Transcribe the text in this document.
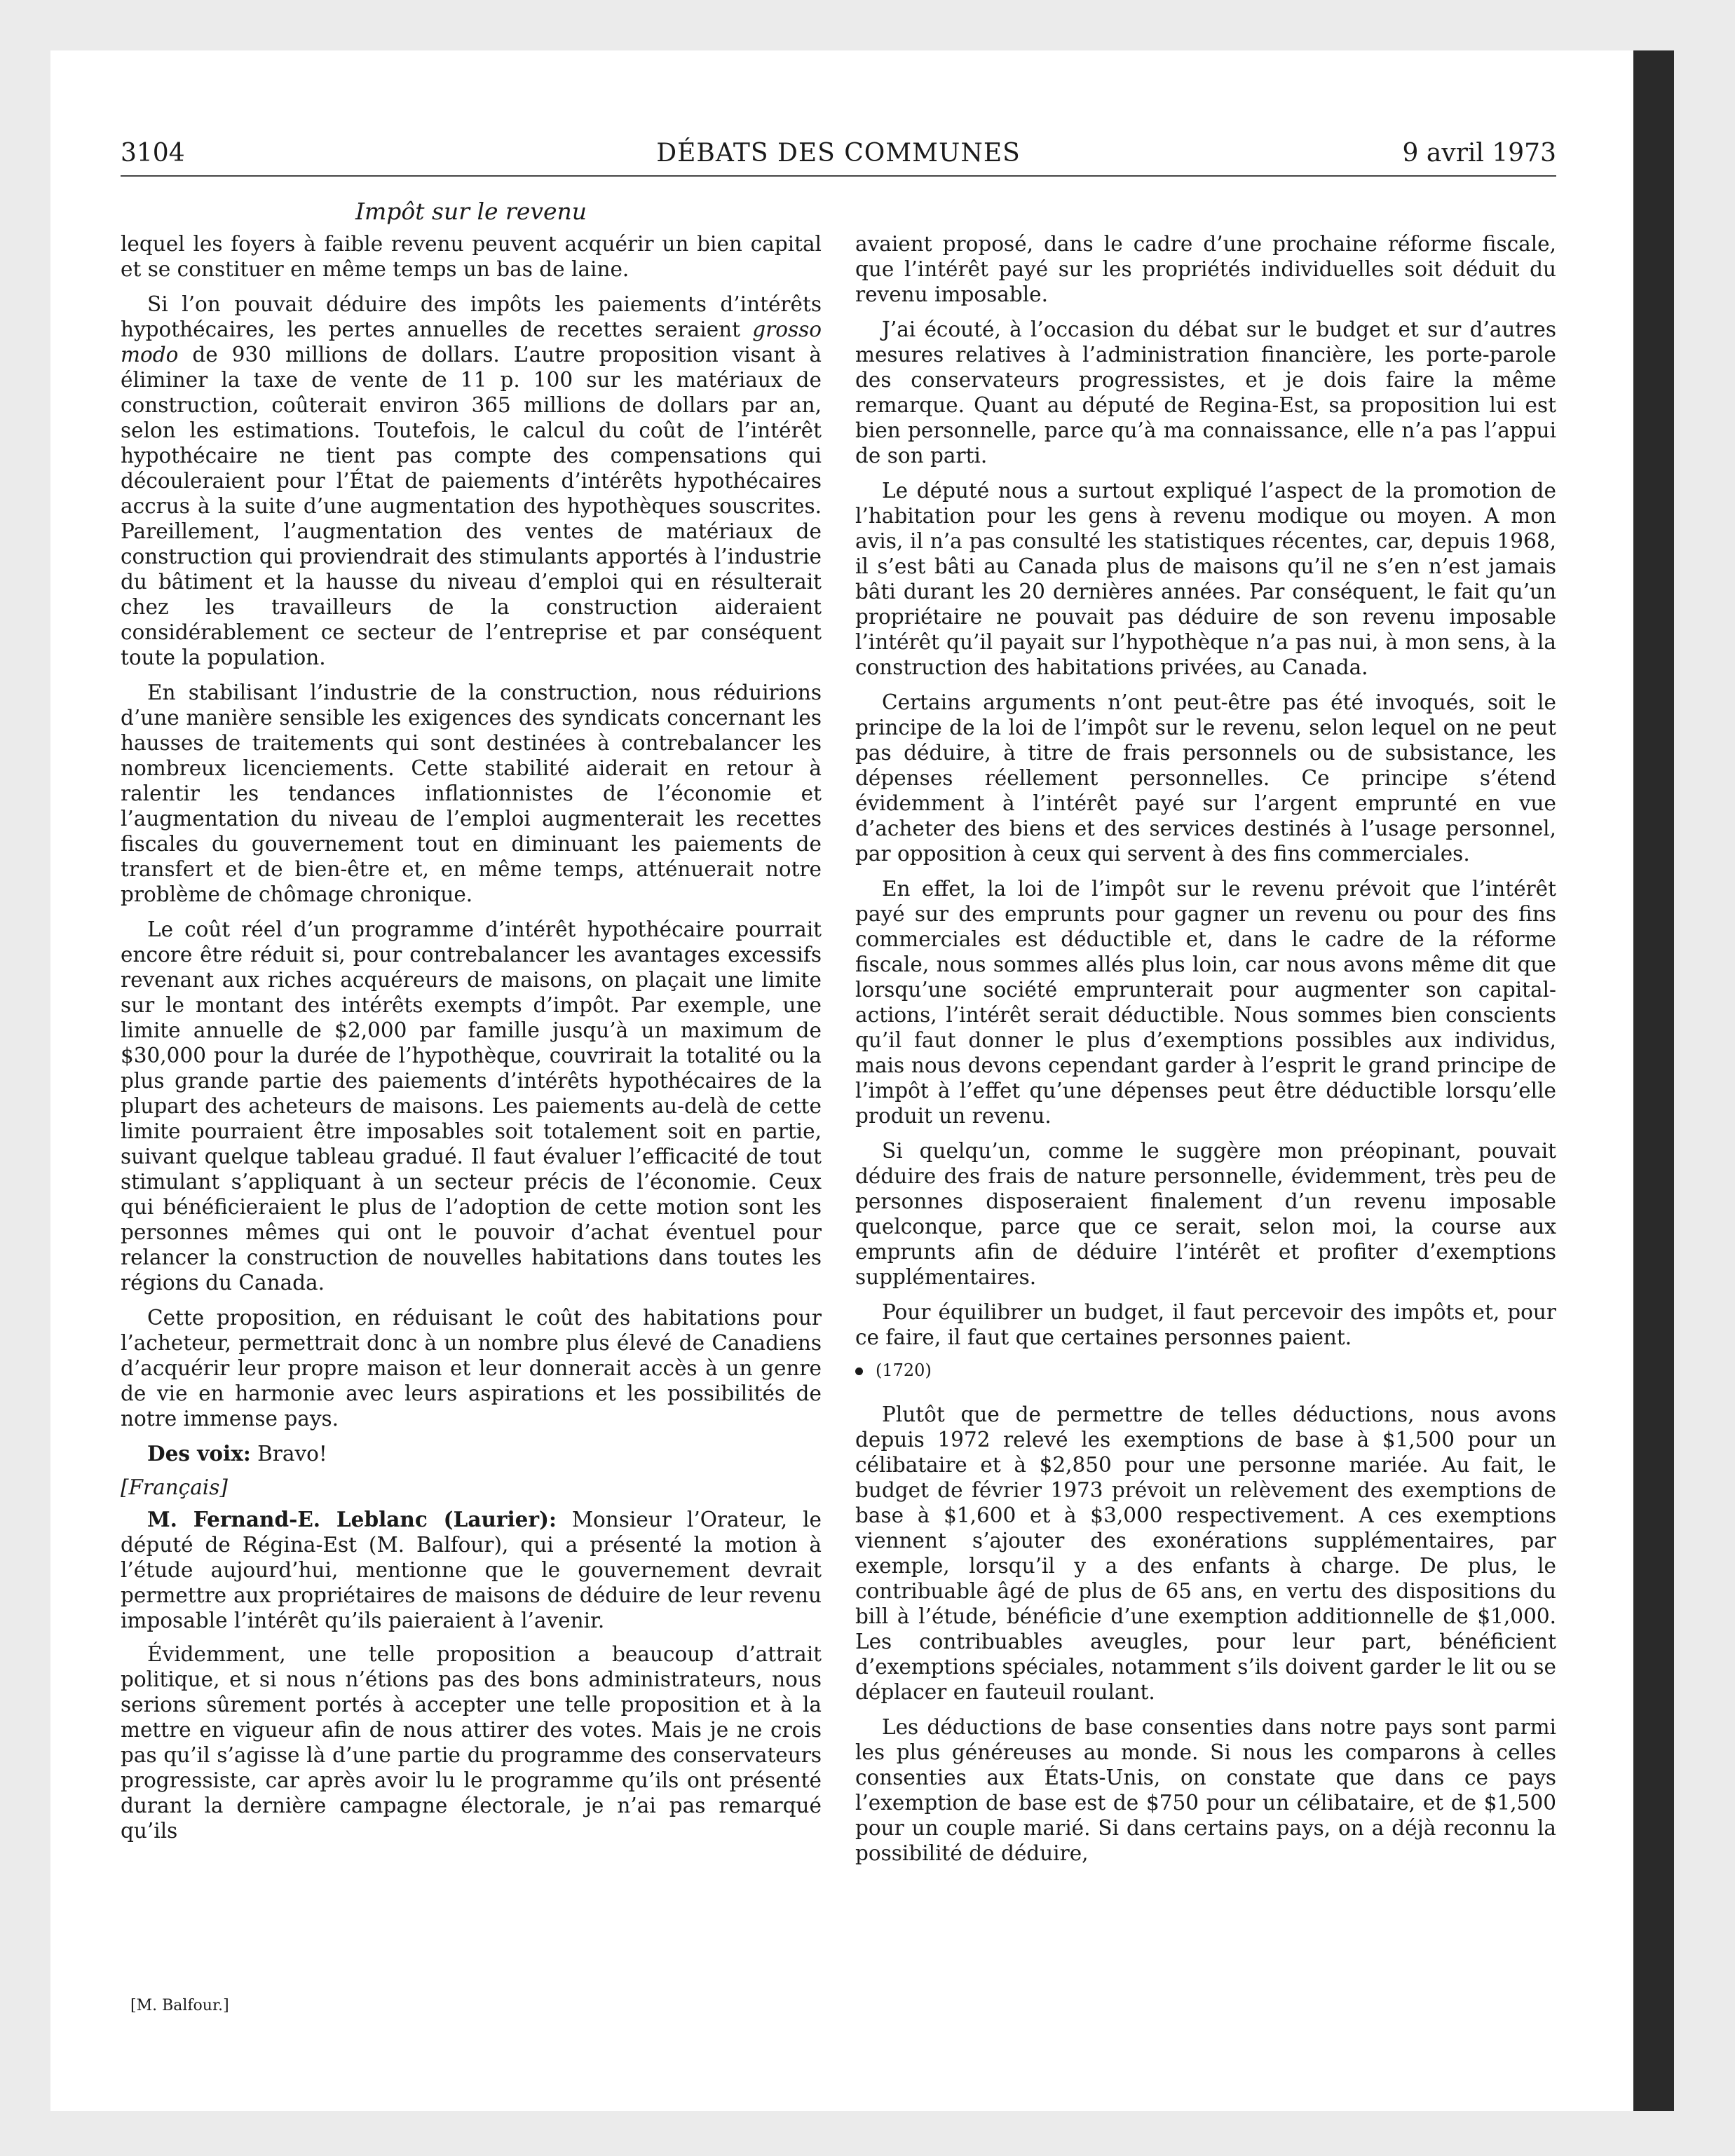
3104	DÉBATS DES COMMUNES	9 avril 1973
Impôt sur le revenu

lequel les foyers à faible revenu peuvent acquérir un bien capital et se constituer en même temps un bas de laine.

Si l’on pouvait déduire des impôts les paiements d’intérêts hypothécaires, les pertes annuelles de recettes seraient grosso modo de 930 millions de dollars. L’autre proposition visant à éliminer la taxe de vente de 11 p. 100 sur les matériaux de construction, coûterait environ 365 millions de dollars par an, selon les estimations. Toutefois, le calcul du coût de l’intérêt hypothécaire ne tient pas compte des compensations qui découleraient pour l’État de paiements d’intérêts hypothécaires accrus à la suite d’une augmentation des hypothèques souscrites. Pareillement, l’augmentation des ventes de matériaux de construction qui proviendrait des stimulants apportés à l’industrie du bâtiment et la hausse du niveau d’emploi qui en résulterait chez les travailleurs de la construction aideraient considérablement ce secteur de l’entreprise et par conséquent toute la population.

En stabilisant l’industrie de la construction, nous réduirions d’une manière sensible les exigences des syndicats concernant les hausses de traitements qui sont destinées à contrebalancer les nombreux licenciements. Cette stabilité aiderait en retour à ralentir les tendances inflationnistes de l’économie et l’augmentation du niveau de l’emploi augmenterait les recettes fiscales du gouvernement tout en diminuant les paiements de transfert et de bien-être et, en même temps, atténuerait notre problème de chômage chronique.

Le coût réel d’un programme d’intérêt hypothécaire pourrait encore être réduit si, pour contrebalancer les avantages excessifs revenant aux riches acquéreurs de maisons, on plaçait une limite sur le montant des intérêts exempts d’impôt. Par exemple, une limite annuelle de $2,000 par famille jusqu’à un maximum de $30,000 pour la durée de l’hypothèque, couvrirait la totalité ou la plus grande partie des paiements d’intérêts hypothécaires de la plupart des acheteurs de maisons. Les paiements au-delà de cette limite pourraient être imposables soit totalement soit en partie, suivant quelque tableau gradué. Il faut évaluer l’efficacité de tout stimulant s’appliquant à un secteur précis de l’économie. Ceux qui bénéficieraient le plus de l’adoption de cette motion sont les personnes mêmes qui ont le pouvoir d’achat éventuel pour relancer la construction de nouvelles habitations dans toutes les régions du Canada.

Cette proposition, en réduisant le coût des habitations pour l’acheteur, permettrait donc à un nombre plus élevé de Canadiens d’acquérir leur propre maison et leur donnerait accès à un genre de vie en harmonie avec leurs aspirations et les possibilités de notre immense pays.

Des voix: Bravo!

[Français]

M. Fernand-E. Leblanc (Laurier): Monsieur l’Orateur, le député de Régina-Est (M. Balfour), qui a présenté la motion à l’étude aujourd’hui, mentionne que le gouvernement devrait permettre aux propriétaires de maisons de déduire de leur revenu imposable l’intérêt qu’ils paieraient à l’avenir.

Évidemment, une telle proposition a beaucoup d’attrait politique, et si nous n’étions pas des bons administrateurs, nous serions sûrement portés à accepter une telle proposition et à la mettre en vigueur afin de nous attirer des votes. Mais je ne crois pas qu’il s’agisse là d’une partie du programme des conservateurs progressiste, car après avoir lu le programme qu’ils ont présenté durant la dernière campagne électorale, je n’ai pas remarqué qu’ils

avaient proposé, dans le cadre d’une prochaine réforme fiscale, que l’intérêt payé sur les propriétés individuelles soit déduit du revenu imposable.

J’ai écouté, à l’occasion du débat sur le budget et sur d’autres mesures relatives à l’administration financière, les porte-parole des conservateurs progressistes, et je dois faire la même remarque. Quant au député de Regina-Est, sa proposition lui est bien personnelle, parce qu’à ma connaissance, elle n’a pas l’appui de son parti.

Le député nous a surtout expliqué l’aspect de la promotion de l’habitation pour les gens à revenu modique ou moyen. A mon avis, il n’a pas consulté les statistiques récentes, car, depuis 1968, il s’est bâti au Canada plus de maisons qu’il ne s’en n’est jamais bâti durant les 20 dernières années. Par conséquent, le fait qu’un propriétaire ne pouvait pas déduire de son revenu imposable l’intérêt qu’il payait sur l’hypothèque n’a pas nui, à mon sens, à la construction des habitations privées, au Canada.

Certains arguments n’ont peut-être pas été invoqués, soit le principe de la loi de l’impôt sur le revenu, selon lequel on ne peut pas déduire, à titre de frais personnels ou de subsistance, les dépenses réellement personnelles. Ce principe s’étend évidemment à l’intérêt payé sur l’argent emprunté en vue d’acheter des biens et des services destinés à l’usage personnel, par opposition à ceux qui servent à des fins commerciales.

En effet, la loi de l’impôt sur le revenu prévoit que l’intérêt payé sur des emprunts pour gagner un revenu ou pour des fins commerciales est déductible et, dans le cadre de la réforme fiscale, nous sommes allés plus loin, car nous avons même dit que lorsqu’une société emprunterait pour augmenter son capital-actions, l’intérêt serait déductible. Nous sommes bien conscients qu’il faut donner le plus d’exemptions possibles aux individus, mais nous devons cependant garder à l’esprit le grand principe de l’impôt à l’effet qu’une dépenses peut être déductible lorsqu’elle produit un revenu.

Si quelqu’un, comme le suggère mon préopinant, pouvait déduire des frais de nature personnelle, évidemment, très peu de personnes disposeraient finalement d’un revenu imposable quelconque, parce que ce serait, selon moi, la course aux emprunts afin de déduire l’intérêt et profiter d’exemptions supplémentaires.

Pour équilibrer un budget, il faut percevoir des impôts et, pour ce faire, il faut que certaines personnes paient.

(1720)

Plutôt que de permettre de telles déductions, nous avons depuis 1972 relevé les exemptions de base à $1,500 pour un célibataire et à $2,850 pour une personne mariée. Au fait, le budget de février 1973 prévoit un relèvement des exemptions de base à $1,600 et à $3,000 respectivement. A ces exemptions viennent s’ajouter des exonérations supplémentaires, par exemple, lorsqu’il y a des enfants à charge. De plus, le contribuable âgé de plus de 65 ans, en vertu des dispositions du bill à l’étude, bénéficie d’une exemption additionnelle de $1,000. Les contribuables aveugles, pour leur part, bénéficient d’exemptions spéciales, notamment s’ils doivent garder le lit ou se déplacer en fauteuil roulant.

Les déductions de base consenties dans notre pays sont parmi les plus généreuses au monde. Si nous les comparons à celles consenties aux États-Unis, on constate que dans ce pays l’exemption de base est de $750 pour un célibataire, et de $1,500 pour un couple marié. Si dans certains pays, on a déjà reconnu la possibilité de déduire,

[M. Balfour.]
